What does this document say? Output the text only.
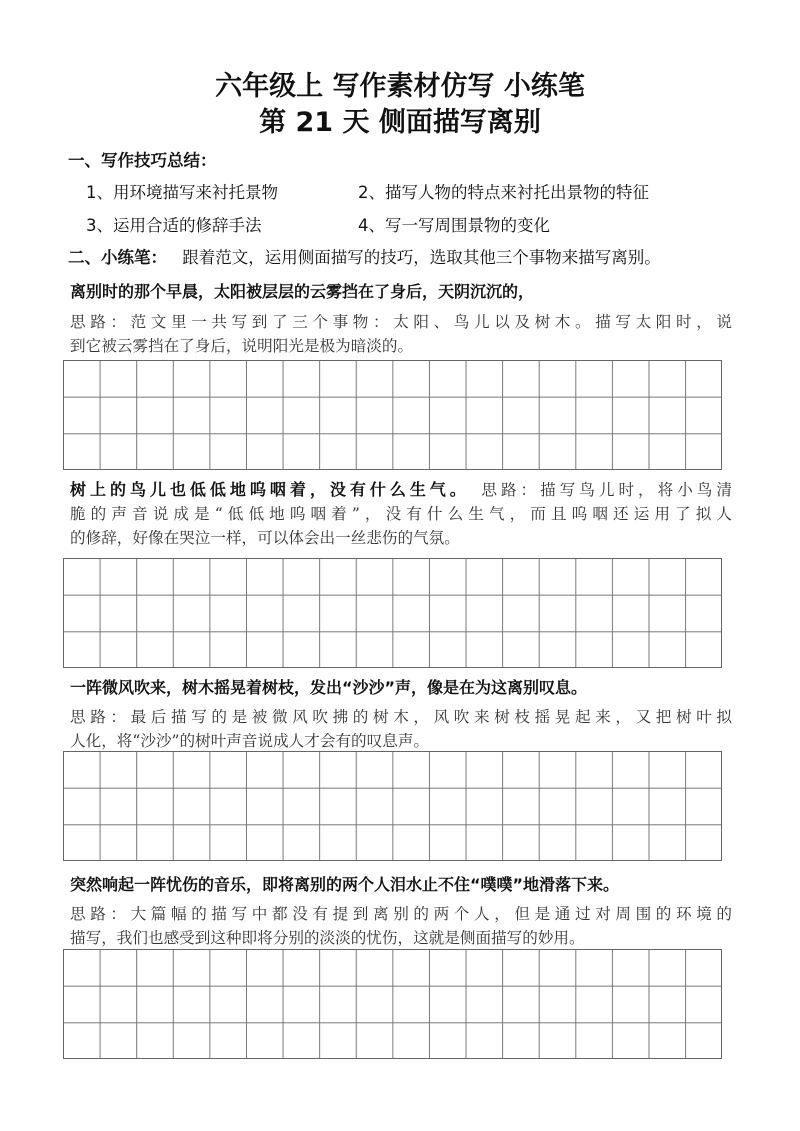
六年级上 写作素材仿写 小练笔
第 21 天 侧面描写离别
一、写作技巧总结：
1、用环境描写来衬托景物	2、描写人物的特点来衬托出景物的特征
3、运用合适的修辞手法	4、写一写周围景物的变化
二、小练笔： 跟着范文，运用侧面描写的技巧，选取其他三个事物来描写离别。
离别时的那个早晨，太阳被层层的云雾挡在了身后，天阴沉沉的，
思路：范文里一共写到了三个事物：太阳、鸟儿以及树木。描写太阳时，说
到它被云雾挡在了身后，说明阳光是极为暗淡的。
树上的鸟儿也低低地呜咽着，没有什么生气。　 思路：描写鸟儿时，将小鸟清
脆的声音说成是“低低地呜咽着”，没有什么生气，而且呜咽还运用了拟人
的修辞，好像在哭泣一样，可以体会出一丝悲伤的气氛。
一阵微风吹来，树木摇晃着树枝，发出“沙沙”声，像是在为这离别叹息。
思路：最后描写的是被微风吹拂的树木，风吹来树枝摇晃起来，又把树叶拟
人化，将“沙沙”的树叶声音说成人才会有的叹息声。
突然响起一阵忧伤的音乐，即将离别的两个人泪水止不住“噗噗”地滑落下来。
思路：大篇幅的描写中都没有提到离别的两个人，但是通过对周围的环境的
描写，我们也感受到这种即将分别的淡淡的忧伤，这就是侧面描写的妙用。
